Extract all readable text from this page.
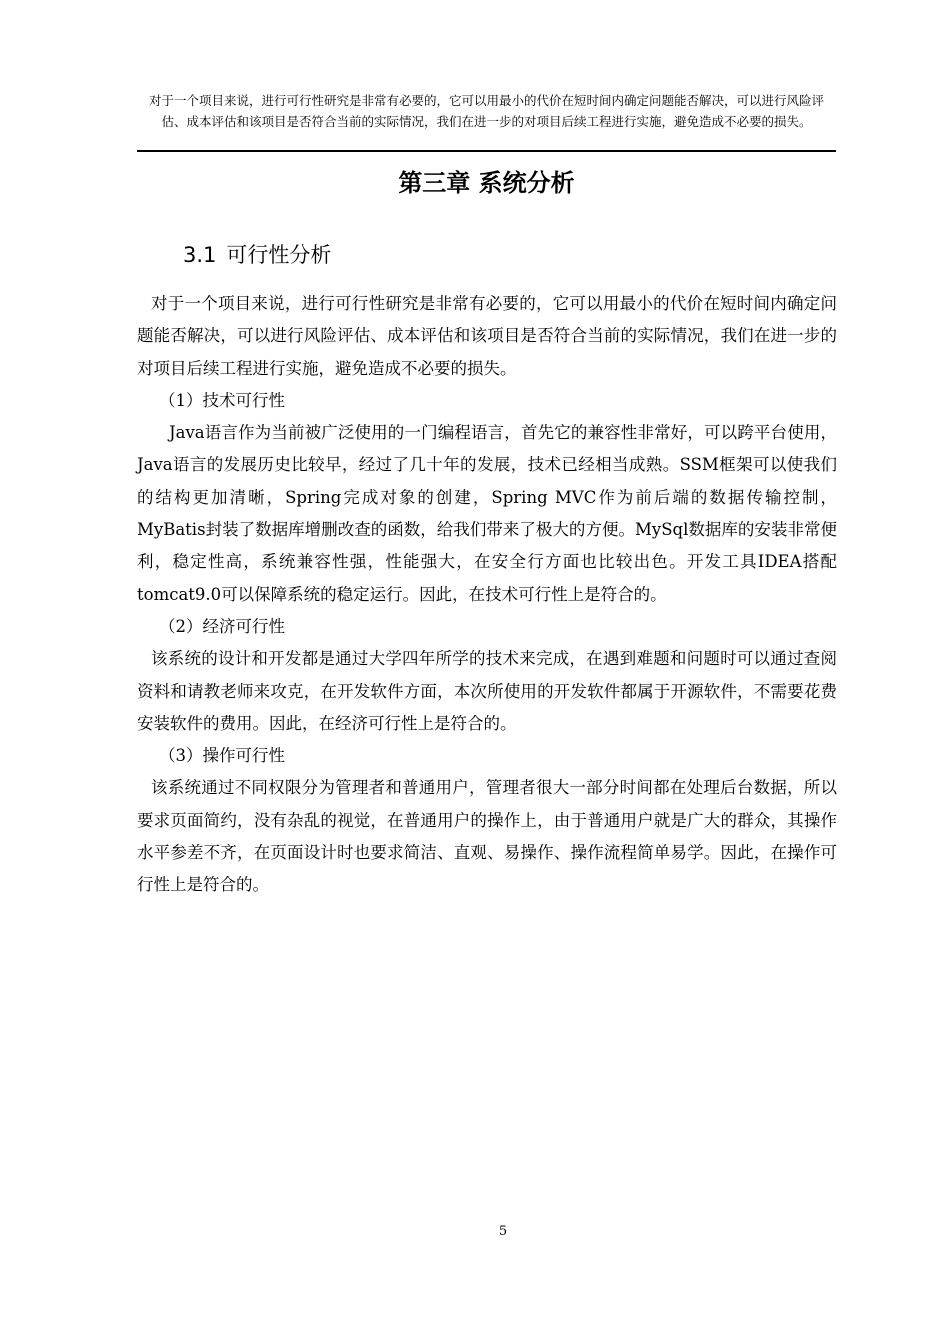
对于一个项目来说，进行可行性研究是非常有必要的，它可以用最小的代价在短时间内确定问题能否解决，可以进行风险评估、成本评估和该项目是否符合当前的实际情况，我们在进一步的对项目后续工程进行实施，避免造成不必要的损失。
第三章 系统分析
3.1 可行性分析

对于一个项目来说，进行可行性研究是非常有必要的，它可以用最小的代价在短时间内确定问题能否解决，可以进行风险评估、成本评估和该项目是否符合当前的实际情况，我们在进一步的对项目后续工程进行实施，避免造成不必要的损失。

（1）技术可行性

Java语言作为当前被广泛使用的一门编程语言，首先它的兼容性非常好，可以跨平台使用，Java语言的发展历史比较早，经过了几十年的发展，技术已经相当成熟。SSM框架可以使我们的结构更加清晰，Spring完成对象的创建，Spring MVC作为前后端的数据传输控制，MyBatis封装了数据库增删改查的函数，给我们带来了极大的方便。MySql数据库的安装非常便利，稳定性高，系统兼容性强，性能强大，在安全行方面也比较出色。开发工具IDEA搭配tomcat9.0可以保障系统的稳定运行。因此，在技术可行性上是符合的。

（2）经济可行性

该系统的设计和开发都是通过大学四年所学的技术来完成，在遇到难题和问题时可以通过查阅资料和请教老师来攻克，在开发软件方面，本次所使用的开发软件都属于开源软件，不需要花费安装软件的费用。因此，在经济可行性上是符合的。

（3）操作可行性

该系统通过不同权限分为管理者和普通用户，管理者很大一部分时间都在处理后台数据，所以要求页面简约，没有杂乱的视觉，在普通用户的操作上，由于普通用户就是广大的群众，其操作水平参差不齐，在页面设计时也要求简洁、直观、易操作、操作流程简单易学。因此，在操作可行性上是符合的。

5
